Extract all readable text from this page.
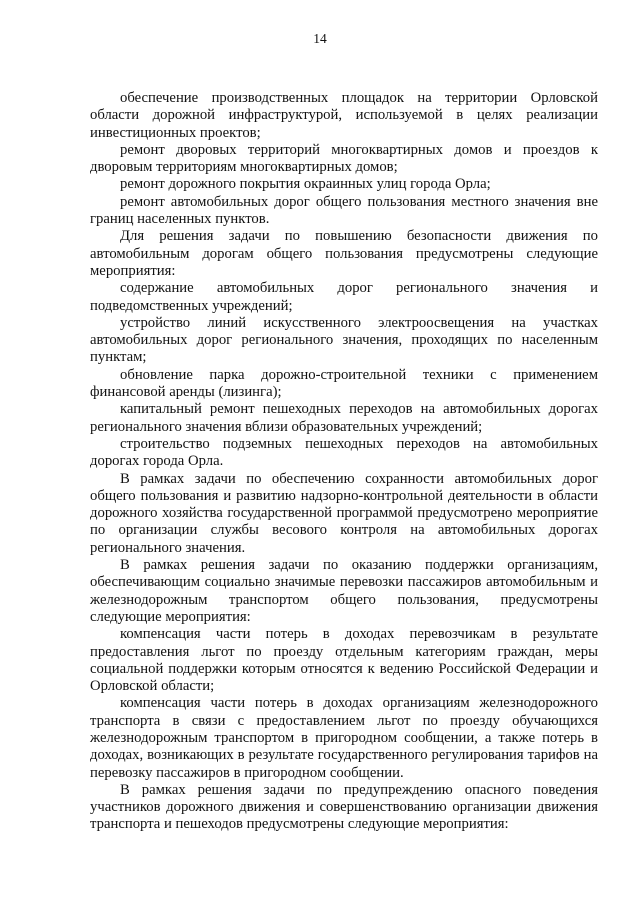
14

обеспечение производственных площадок на территории Орловской области дорожной инфраструктурой, используемой в целях реализации инвестиционных проектов;

ремонт дворовых территорий многоквартирных домов и проездов к дворовым территориям многоквартирных домов;

ремонт дорожного покрытия окраинных улиц города Орла;

ремонт автомобильных дорог общего пользования местного значения вне границ населенных пунктов.

Для решения задачи по повышению безопасности движения по автомобильным дорогам общего пользования предусмотрены следующие мероприятия:

содержание автомобильных дорог регионального значения и подведомственных учреждений;

устройство линий искусственного электроосвещения на участках автомобильных дорог регионального значения, проходящих по населенным пунктам;

обновление парка дорожно-строительной техники с применением финансовой аренды (лизинга);

капитальный ремонт пешеходных переходов на автомобильных дорогах регионального значения вблизи образовательных учреждений;

строительство подземных пешеходных переходов на автомобильных дорогах города Орла.

В рамках задачи по обеспечению сохранности автомобильных дорог общего пользования и развитию надзорно-контрольной деятельности в области дорожного хозяйства государственной программой предусмотрено мероприятие по организации службы весового контроля на автомобильных дорогах регионального значения.

В рамках решения задачи по оказанию поддержки организациям, обеспечивающим социально значимые перевозки пассажиров автомобильным и железнодорожным транспортом общего пользования, предусмотрены следующие мероприятия:

компенсация части потерь в доходах перевозчикам в результате предоставления льгот по проезду отдельным категориям граждан, меры социальной поддержки которым относятся к ведению Российской Федерации и Орловской области;

компенсация части потерь в доходах организациям железнодорожного транспорта в связи с предоставлением льгот по проезду обучающихся железнодорожным транспортом в пригородном сообщении, а также потерь в доходах, возникающих в результате государственного регулирования тарифов на перевозку пассажиров в пригородном сообщении.

В рамках решения задачи по предупреждению опасного поведения участников дорожного движения и совершенствованию организации движения транспорта и пешеходов предусмотрены следующие мероприятия:
